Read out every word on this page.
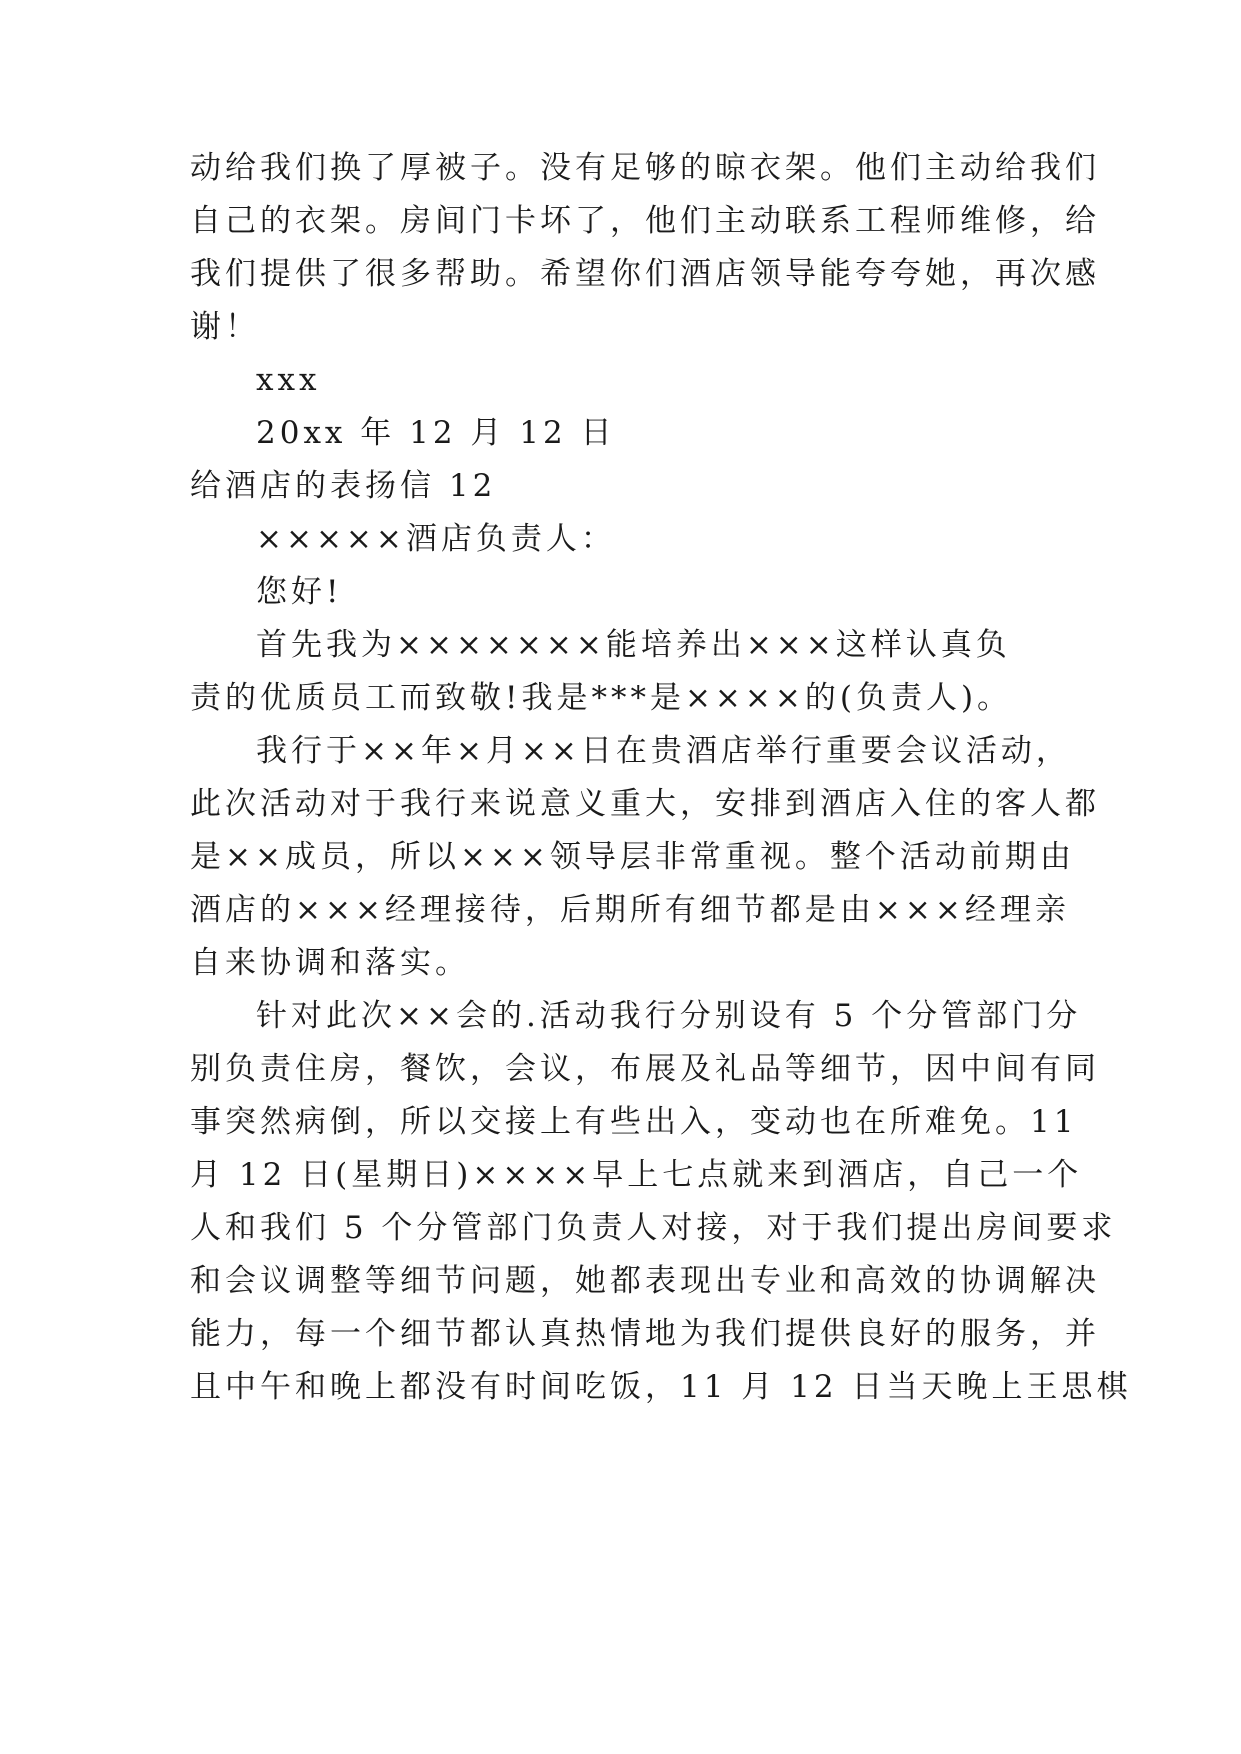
动给我们换了厚被子。没有足够的晾衣架。他们主动给我们
自己的衣架。房间门卡坏了，他们主动联系工程师维修，给
我们提供了很多帮助。希望你们酒店领导能夸夸她，再次感
谢！
xxx
20xx 年 12 月 12 日
给酒店的表扬信 12
×××××酒店负责人：
您好!
首先我为×××××××能培养出×××这样认真负
责的优质员工而致敬!我是***是××××的(负责人)。
我行于××年×月××日在贵酒店举行重要会议活动，
此次活动对于我行来说意义重大，安排到酒店入住的客人都
是××成员，所以×××领导层非常重视。整个活动前期由
酒店的×××经理接待，后期所有细节都是由×××经理亲
自来协调和落实。
针对此次××会的.活动我行分别设有 5 个分管部门分
别负责住房，餐饮，会议，布展及礼品等细节，因中间有同
事突然病倒，所以交接上有些出入，变动也在所难免。11
月 12 日(星期日)××××早上七点就来到酒店，自己一个
人和我们 5 个分管部门负责人对接，对于我们提出房间要求
和会议调整等细节问题，她都表现出专业和高效的协调解决
能力，每一个细节都认真热情地为我们提供良好的服务，并
且中午和晚上都没有时间吃饭，11 月 12 日当天晚上王思棋
